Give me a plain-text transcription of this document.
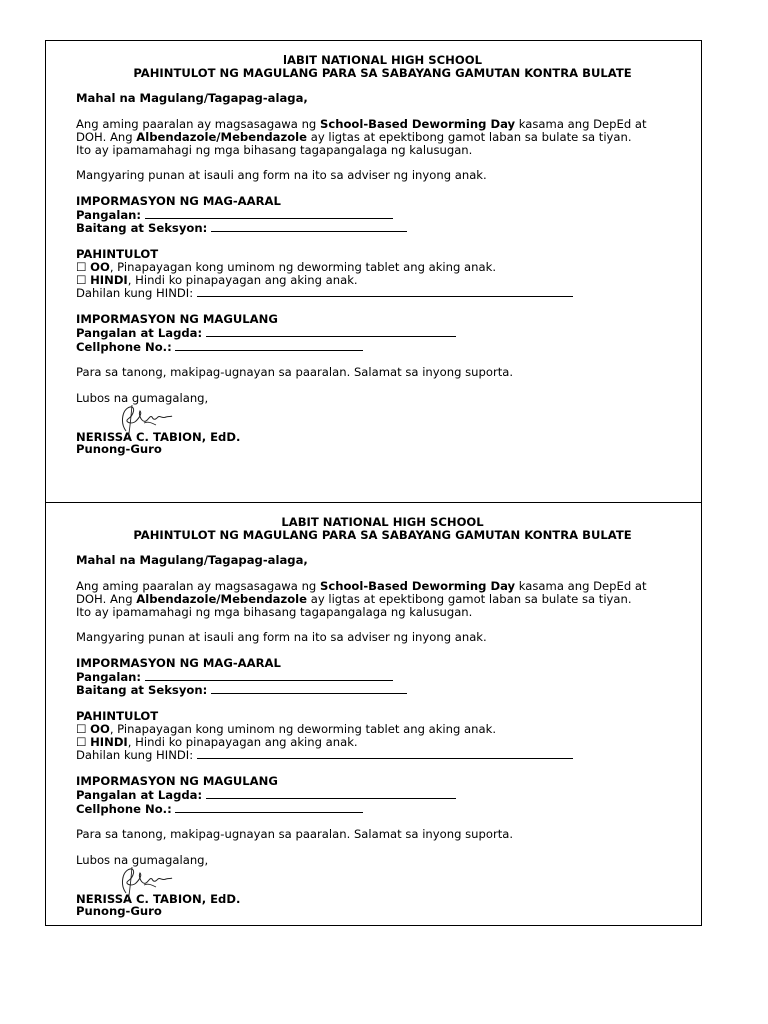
lABIT NATIONAL HIGH SCHOOL
PAHINTULOT NG MAGULANG PARA SA SABAYANG GAMUTAN KONTRA BULATE
Mahal na Magulang/Tagapag-alaga,
Ang aming paaralan ay magsasagawa ng School-Based Deworming Day kasama ang DepEd at
DOH. Ang Albendazole/Mebendazole ay ligtas at epektibong gamot laban sa bulate sa tiyan.
Ito ay ipamamahagi ng mga bihasang tagapangalaga ng kalusugan.
Mangyaring punan at isauli ang form na ito sa adviser ng inyong anak.
IMPORMASYON NG MAG-AARAL
Pangalan:
Baitang at Seksyon:
PAHINTULOT
☐ OO, Pinapayagan kong uminom ng deworming tablet ang aking anak.
☐ HINDI, Hindi ko pinapayagan ang aking anak.
Dahilan kung HINDI:
IMPORMASYON NG MAGULANG
Pangalan at Lagda:
Cellphone No.:
Para sa tanong, makipag-ugnayan sa paaralan. Salamat sa inyong suporta.
Lubos na gumagalang,
NERISSA C. TABION, EdD.
Punong-Guro
LABIT NATIONAL HIGH SCHOOL
PAHINTULOT NG MAGULANG PARA SA SABAYANG GAMUTAN KONTRA BULATE
Mahal na Magulang/Tagapag-alaga,
Ang aming paaralan ay magsasagawa ng School-Based Deworming Day kasama ang DepEd at
DOH. Ang Albendazole/Mebendazole ay ligtas at epektibong gamot laban sa bulate sa tiyan.
Ito ay ipamamahagi ng mga bihasang tagapangalaga ng kalusugan.
Mangyaring punan at isauli ang form na ito sa adviser ng inyong anak.
IMPORMASYON NG MAG-AARAL
Pangalan:
Baitang at Seksyon:
PAHINTULOT
☐ OO, Pinapayagan kong uminom ng deworming tablet ang aking anak.
☐ HINDI, Hindi ko pinapayagan ang aking anak.
Dahilan kung HINDI:
IMPORMASYON NG MAGULANG
Pangalan at Lagda:
Cellphone No.:
Para sa tanong, makipag-ugnayan sa paaralan. Salamat sa inyong suporta.
Lubos na gumagalang,
NERISSA C. TABION, EdD.
Punong-Guro
